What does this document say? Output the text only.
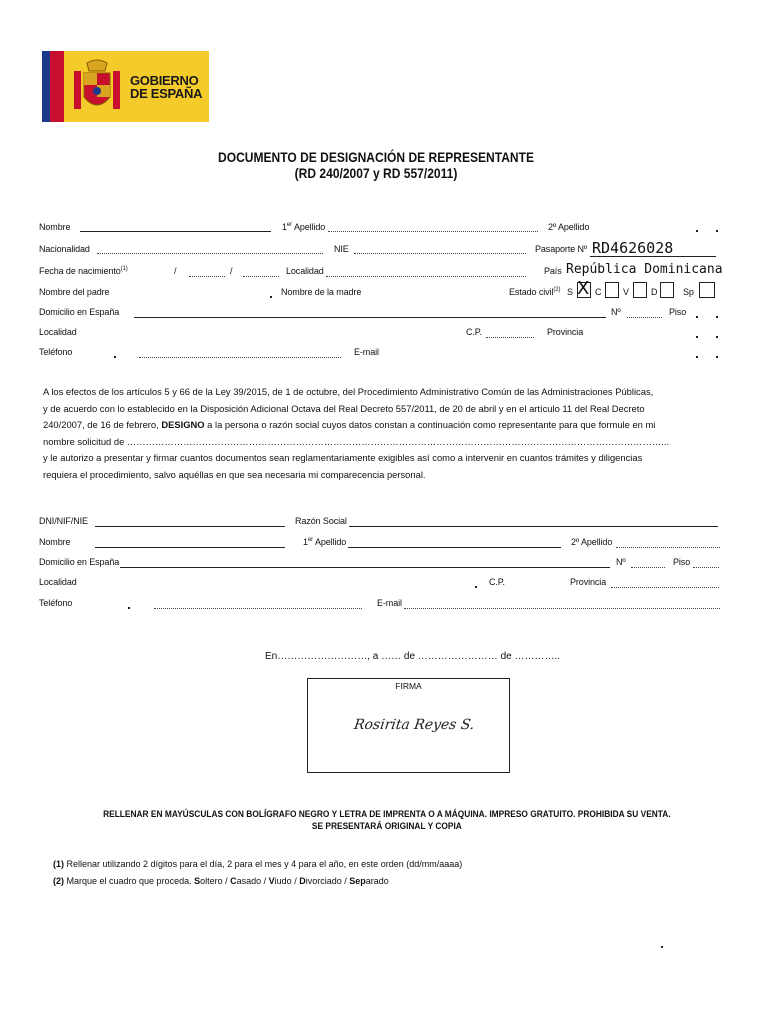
GOBIERNO
DE ESPAÑA
DOCUMENTO DE DESIGNACIÓN DE REPRESENTANTE
(RD 240/2007 y RD 557/2011)
Nombre	1er Apellido	2º Apellido
Nacionalidad	NIE	Pasaporte Nº RD4626028
Fecha de nacimiento$^{(1)}$	/	/	Localidad	País República Dominicana
Nombre del padre	Nombre de la madre	Estado civil$^{(2)}$ S X C V D	Sp
Domicilio en España	Nº	Piso
Localidad	C.P.	Provincia
Teléfono	E-mail

A los efectos de los artículos 5 y 66 de la Ley 39/2015, de 1 de octubre, del Procedimiento Administrativo Común de las Administraciones Públicas,

y de acuerdo con lo establecido en la Disposición Adicional Octava del Real Decreto 557/2011, de 20 de abril y en el artículo 11 del Real Decreto

240/2007, de 16 de febrero, DESIGNO a la persona o razón social cuyos datos constan a continuación como representante para que formule en mi

nombre solicitud de ………………………………………………………………………………………………………………………………………………………...

y le autorizo a presentar y firmar cuantos documentos sean reglamentariamente exigibles así como a intervenir en cuantos trámites y diligencias

requiera el procedimiento, salvo aquéllas en que sea necesaria mi comparecencia personal.

DNI/NIF/NIE	Razón Social
Nombre	1er Apellido	2º Apellido
Domicilio en España	Nº	Piso
Localidad	C.P.	Provincia
Teléfono	E-mail
En………………………, a …… de …………………… de …………..
FIRMA
Rosirita Reyes S.
RELLENAR EN MAYÚSCULAS CON BOLÍGRAFO NEGRO Y LETRA DE IMPRENTA O A MÁQUINA. IMPRESO GRATUITO. PROHIBIDA SU VENTA.
SE PRESENTARÁ ORIGINAL Y COPIA
(1) Rellenar utilizando 2 dígitos para el día, 2 para el mes y 4 para el año, en este orden (dd/mm/aaaa)
(2) Marque el cuadro que proceda. Soltero / Casado / Viudo / Divorciado / Separado
